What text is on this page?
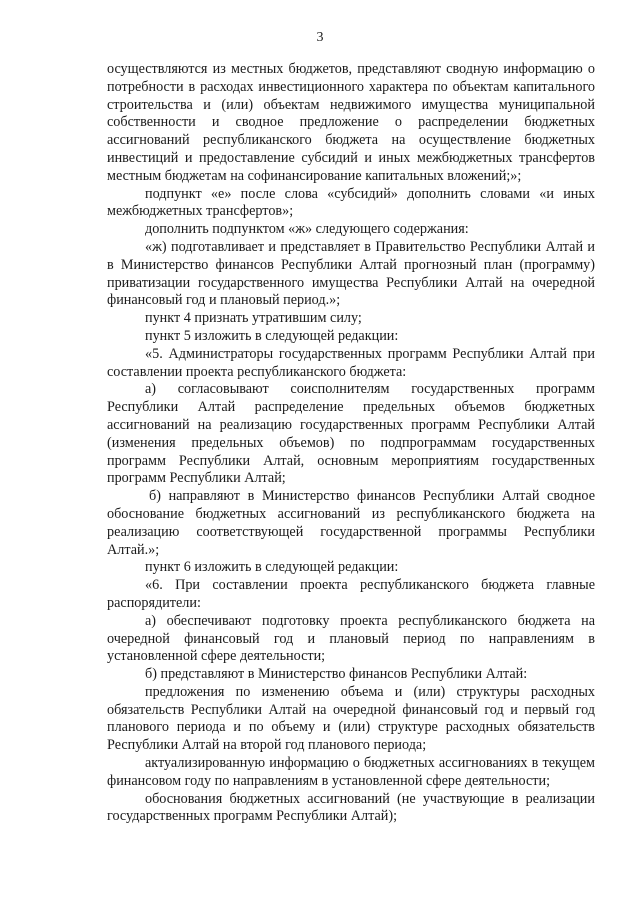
3

осуществляются из местных бюджетов, представляют сводную информацию о потребности в расходах инвестиционного характера по объектам капитального строительства и (или) объектам недвижимого имущества муниципальной собственности и сводное предложение о распределении бюджетных ассигнований республиканского бюджета на осуществление бюджетных инвестиций и предоставление субсидий и иных межбюджетных трансфертов местным бюджетам на софинансирование капитальных вложений;»;

подпункт «е» после слова «субсидий» дополнить словами «и иных межбюджетных трансфертов»;

дополнить подпунктом «ж» следующего содержания:

«ж) подготавливает и представляет в Правительство Республики Алтай и в Министерство финансов Республики Алтай прогнозный план (программу) приватизации государственного имущества Республики Алтай на очередной финансовый год и плановый период.»;

пункт 4 признать утратившим силу;

пункт 5 изложить в следующей редакции:

«5. Администраторы государственных программ Республики Алтай при составлении проекта республиканского бюджета:

а) согласовывают соисполнителям государственных программ Республики Алтай распределение предельных объемов бюджетных ассигнований на реализацию государственных программ Республики Алтай (изменения предельных объемов) по подпрограммам государственных программ Республики Алтай, основным мероприятиям государственных программ Республики Алтай;

б) направляют в Министерство финансов Республики Алтай сводное обоснование бюджетных ассигнований из республиканского бюджета на реализацию соответствующей государственной программы Республики Алтай.»;

пункт 6 изложить в следующей редакции:

«6. При составлении проекта республиканского бюджета главные распорядители:

а) обеспечивают подготовку проекта республиканского бюджета на очередной финансовый год и плановый период по направлениям в установленной сфере деятельности;

б) представляют в Министерство финансов Республики Алтай:

предложения по изменению объема и (или) структуры расходных обязательств Республики Алтай на очередной финансовый год и первый год планового периода и по объему и (или) структуре расходных обязательств Республики Алтай на второй год планового периода;

актуализированную информацию о бюджетных ассигнованиях в текущем финансовом году по направлениям в установленной сфере деятельности;

обоснования бюджетных ассигнований (не участвующие в реализации государственных программ Республики Алтай);
